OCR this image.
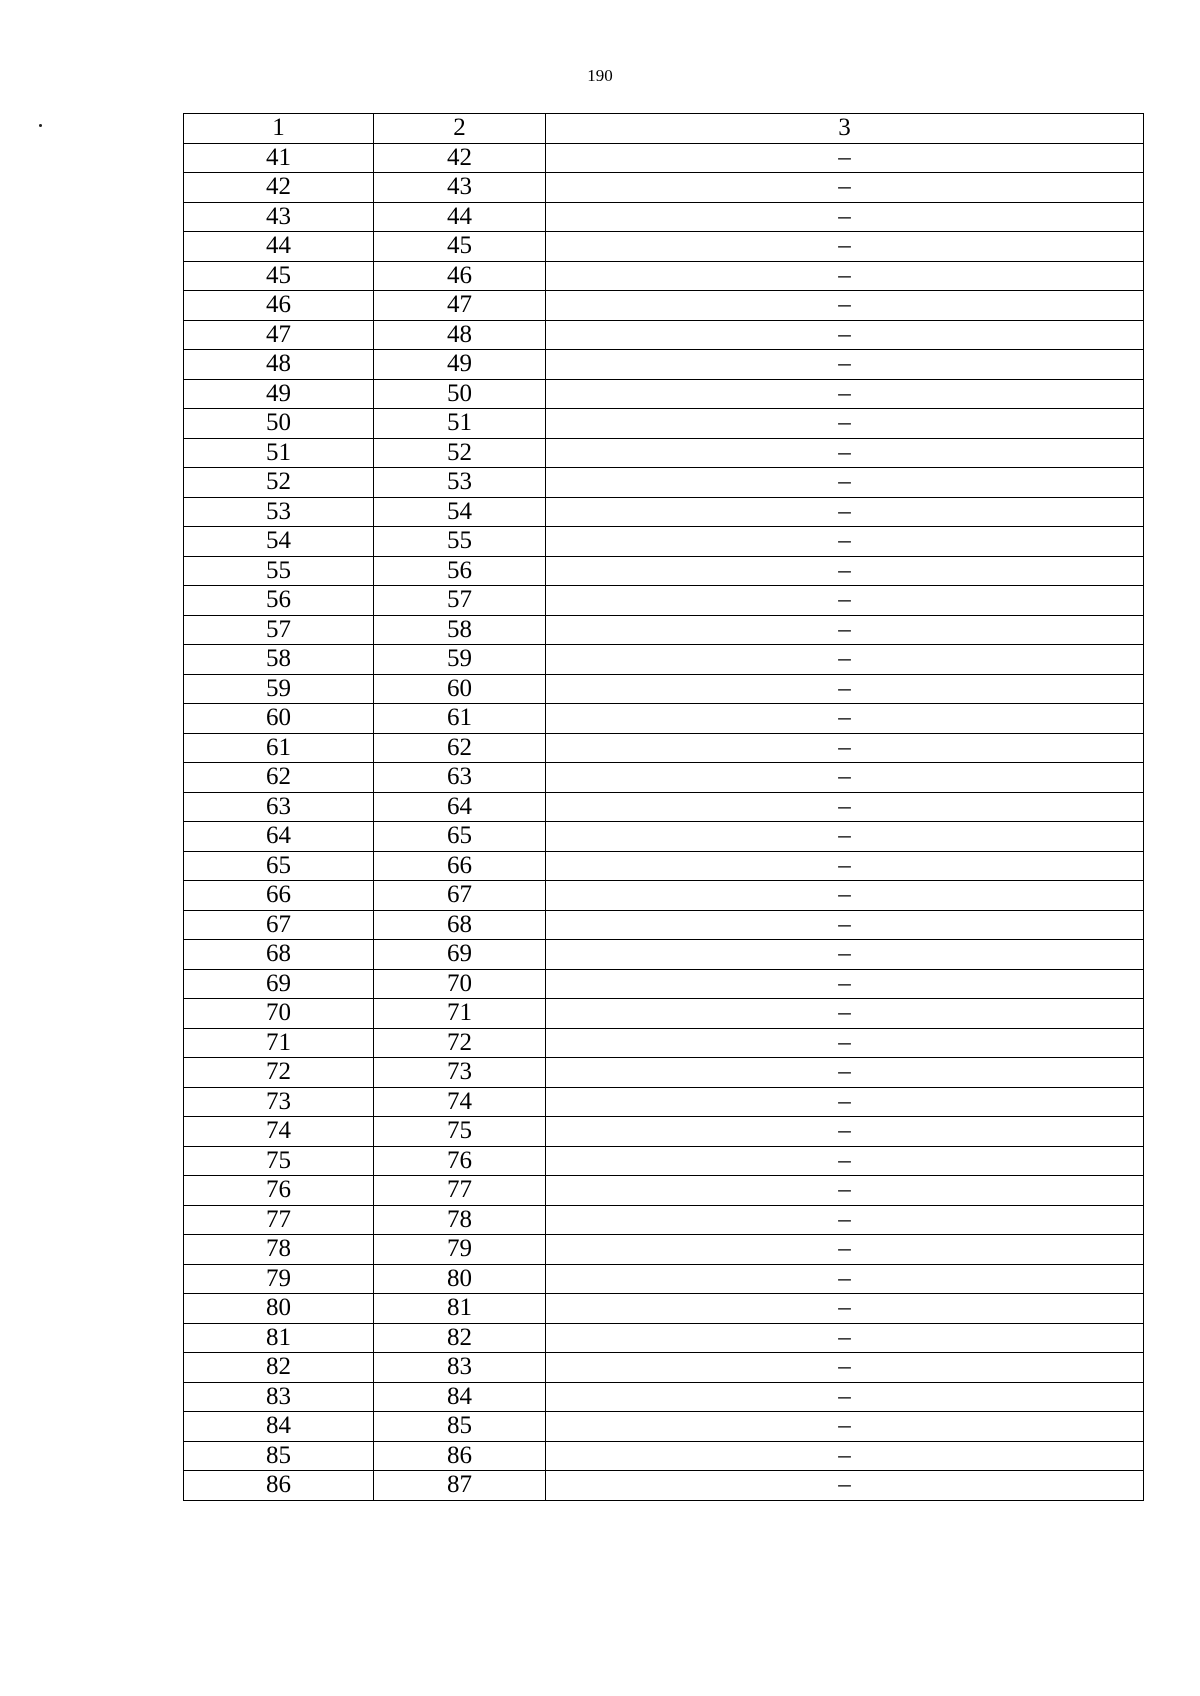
190
1	2	3
41	42	–
42	43	–
43	44	–
44	45	–
45	46	–
46	47	–
47	48	–
48	49	–
49	50	–
50	51	–
51	52	–
52	53	–
53	54	–
54	55	–
55	56	–
56	57	–
57	58	–
58	59	–
59	60	–
60	61	–
61	62	–
62	63	–
63	64	–
64	65	–
65	66	–
66	67	–
67	68	–
68	69	–
69	70	–
70	71	–
71	72	–
72	73	–
73	74	–
74	75	–
75	76	–
76	77	–
77	78	–
78	79	–
79	80	–
80	81	–
81	82	–
82	83	–
83	84	–
84	85	–
85	86	–
86	87	–
